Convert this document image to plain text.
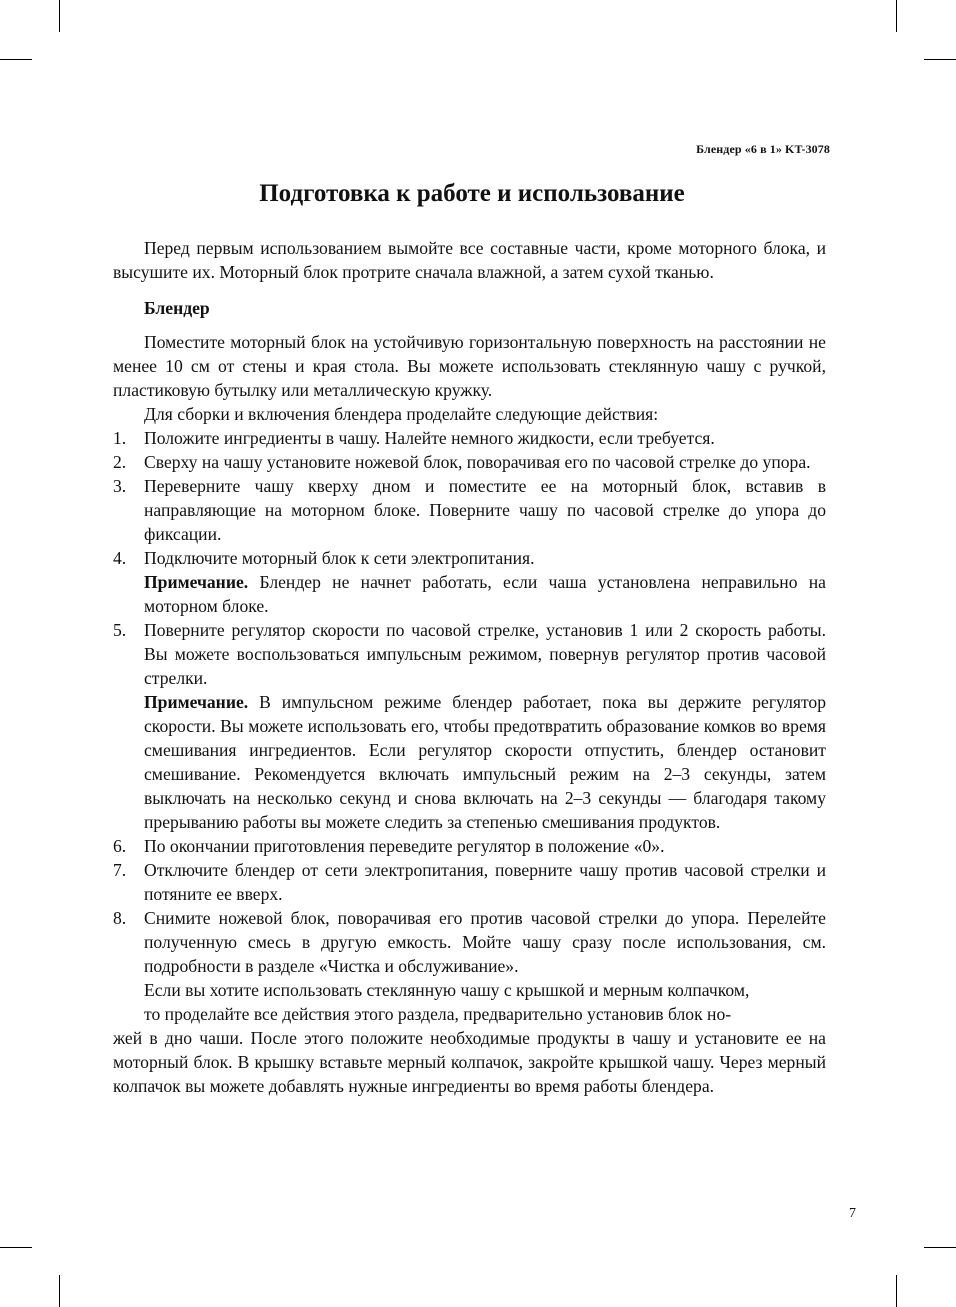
Блендер «6 в 1» KT-3078
Подготовка к работе и использование

Перед первым использованием вымойте все составные части, кроме моторного блока, и высушите их. Моторный блок протрите сначала влажной, а затем сухой тканью.

Блендер

Поместите моторный блок на устойчивую горизонтальную поверхность на расстоянии не менее 10 см от стены и края стола. Вы можете использовать стеклянную чашу с ручкой, пластиковую бутылку или металлическую кружку.

Для сборки и включения блендера проделайте следующие действия:

1. Положите ингредиенты в чашу. Налейте немного жидкости, если требуется.
2. Сверху на чашу установите ножевой блок, поворачивая его по часовой стрелке до упора.
3. Переверните чашу кверху дном и поместите ее на моторный блок, вставив в направляющие на моторном блоке. Поверните чашу по часовой стрелке до упора до фиксации.
4. Подключите моторный блок к сети электропитания.
Примечание. Блендер не начнет работать, если чаша установлена неправильно на моторном блоке.
5. Поверните регулятор скорости по часовой стрелке, установив 1 или 2 скорость работы. Вы можете воспользоваться импульсным режимом, повернув регулятор против часовой стрелки.
Примечание. В импульсном режиме блендер работает, пока вы держите регулятор скорости. Вы можете использовать его, чтобы предотвратить образование комков во время смешивания ингредиентов. Если регулятор скорости отпустить, блендер остановит смешивание. Рекомендуется включать импульсный режим на 2–3 секунды, затем выключать на несколько секунд и снова включать на 2–3 секунды — благодаря такому прерыванию работы вы можете следить за степенью смешивания продуктов.
6. По окончании приготовления переведите регулятор в положение «0».
7. Отключите блендер от сети электропитания, поверните чашу против часовой стрелки и потяните ее вверх.
8. Снимите ножевой блок, поворачивая его против часовой стрелки до упора. Перелейте полученную смесь в другую емкость. Мойте чашу сразу после использования, см. подробности в разделе «Чистка и обслуживание».

Если вы хотите использовать стеклянную чашу с крышкой и мерным колпачком,

то проделайте все действия этого раздела, предварительно установив блок но-

жей в дно чаши. После этого положите необходимые продукты в чашу и установите ее на моторный блок. В крышку вставьте мерный колпачок, закройте крышкой чашу. Через мерный колпачок вы можете добавлять нужные ингредиенты во время работы блендера.

7
